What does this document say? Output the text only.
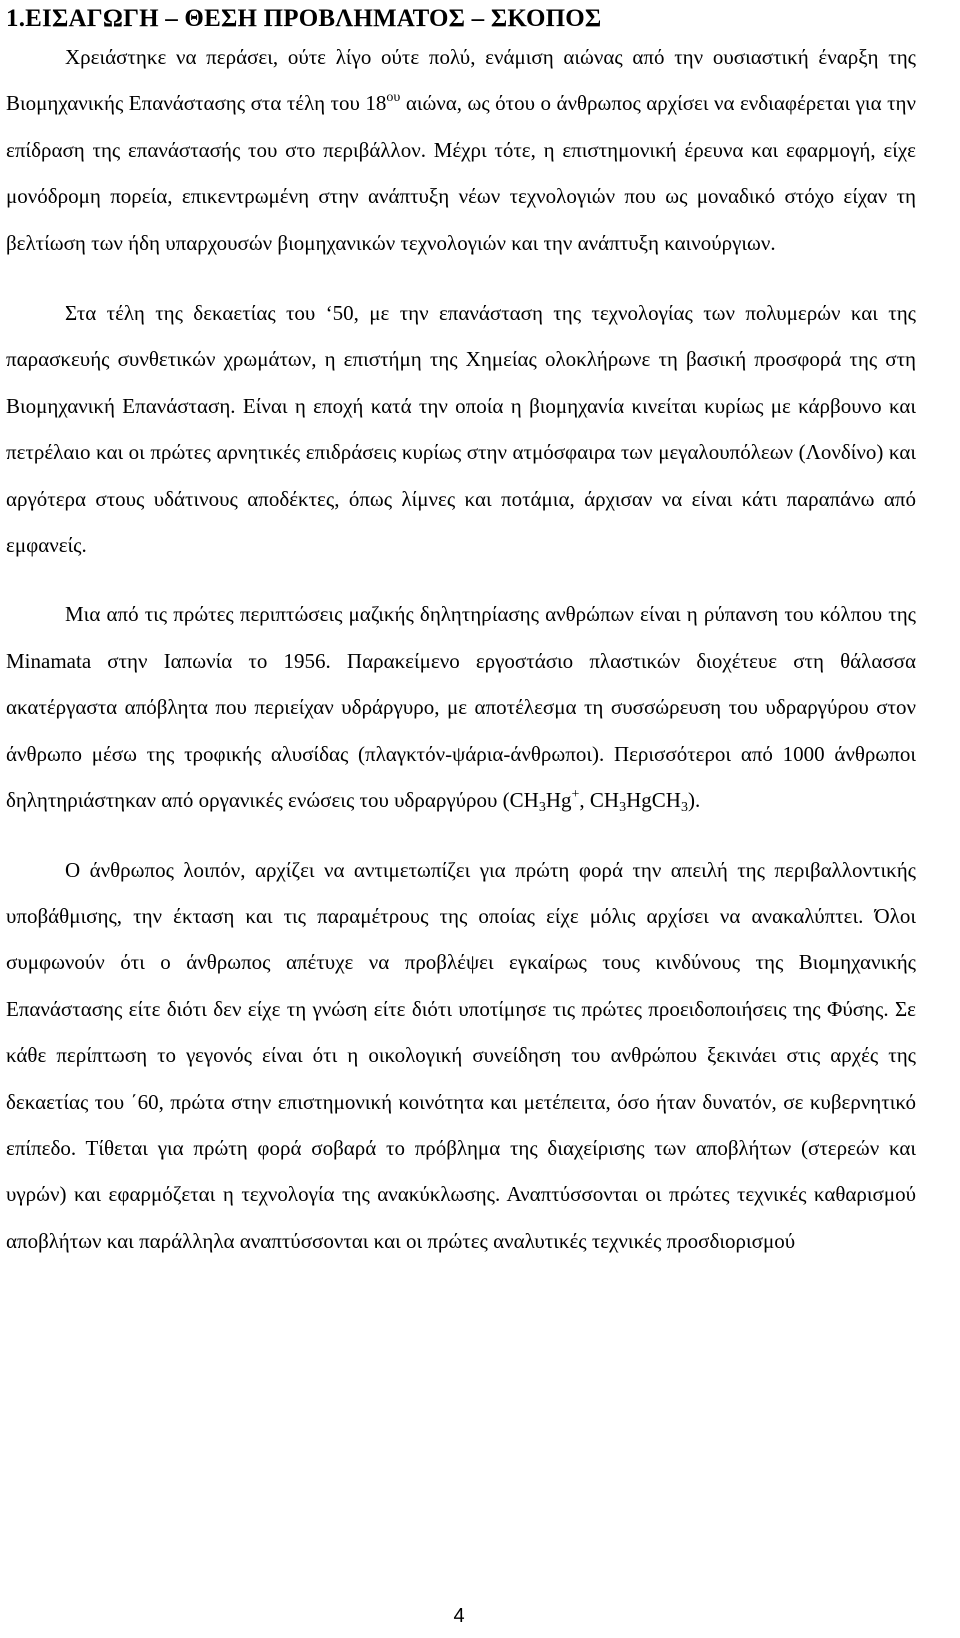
1.ΕΙΣΑΓΩΓΗ – ΘΕΣΗ ΠΡΟΒΛΗΜΑΤΟΣ – ΣΚΟΠΟΣ

Χρειάστηκε να περάσει, ούτε λίγο ούτε πολύ, ενάμιση αιώνας από την ουσιαστική έναρξη της Βιομηχανικής Επανάστασης στα τέλη του $18^{o\upsilon}$ αιώνα, ως ότου ο άνθρωπος αρχίσει να ενδιαφέρεται για την επίδραση της επανάστασής του στο περιβάλλον. Μέχρι τότε, η επιστημονική έρευνα και εφαρμογή, είχε μονόδρομη πορεία, επικεντρωμένη στην ανάπτυξη νέων τεχνολογιών που ως μοναδικό στόχο είχαν τη βελτίωση των ήδη υπαρχουσών βιομηχανικών τεχνολογιών και την ανάπτυξη καινούργιων.

Στα τέλη της δεκαετίας του ‘50, με την επανάσταση της τεχνολογίας των πολυμερών και της παρασκευής συνθετικών χρωμάτων, η επιστήμη της Χημείας ολοκλήρωνε τη βασική προσφορά της στη Βιομηχανική Επανάσταση. Είναι η εποχή κατά την οποία η βιομηχανία κινείται κυρίως με κάρβουνο και πετρέλαιο και οι πρώτες αρνητικές επιδράσεις κυρίως στην ατμόσφαιρα των μεγαλουπόλεων (Λονδίνο) και αργότερα στους υδάτινους αποδέκτες, όπως λίμνες και ποτάμια, άρχισαν να είναι κάτι παραπάνω από εμφανείς.

Μια από τις πρώτες περιπτώσεις μαζικής δηλητηρίασης ανθρώπων είναι η ρύπανση του κόλπου της Minamata στην Ιαπωνία το 1956. Παρακείμενο εργοστάσιο πλαστικών διοχέτευε στη θάλασσα ακατέργαστα απόβλητα που περιείχαν υδράργυρο, με αποτέλεσμα τη συσσώρευση του υδραργύρου στον άνθρωπο μέσω της τροφικής αλυσίδας (πλαγκτόν-ψάρια-άνθρωποι). Περισσότεροι από 1000 άνθρωποι δηλητηριάστηκαν από οργανικές ενώσεις του υδραργύρου ($CH_3Hg^+$, $CH_3HgCH_3$).

Ο άνθρωπος λοιπόν, αρχίζει να αντιμετωπίζει για πρώτη φορά την απειλή της περιβαλλοντικής υποβάθμισης, την έκταση και τις παραμέτρους της οποίας είχε μόλις αρχίσει να ανακαλύπτει. Όλοι συμφωνούν ότι ο άνθρωπος απέτυχε να προβλέψει εγκαίρως τους κινδύνους της Βιομηχανικής Επανάστασης είτε διότι δεν είχε τη γνώση είτε διότι υποτίμησε τις πρώτες προειδοποιήσεις της Φύσης. Σε κάθε περίπτωση το γεγονός είναι ότι η οικολογική συνείδηση του ανθρώπου ξεκινάει στις αρχές της δεκαετίας του ΄60, πρώτα στην επιστημονική κοινότητα και μετέπειτα, όσο ήταν δυνατόν, σε κυβερνητικό επίπεδο. Τίθεται για πρώτη φορά σοβαρά το πρόβλημα της διαχείρισης των αποβλήτων (στερεών και υγρών) και εφαρμόζεται η τεχνολογία της ανακύκλωσης. Αναπτύσσονται οι πρώτες τεχνικές καθαρισμού αποβλήτων και παράλληλα αναπτύσσονται και οι πρώτες αναλυτικές τεχνικές προσδιορισμού

4
